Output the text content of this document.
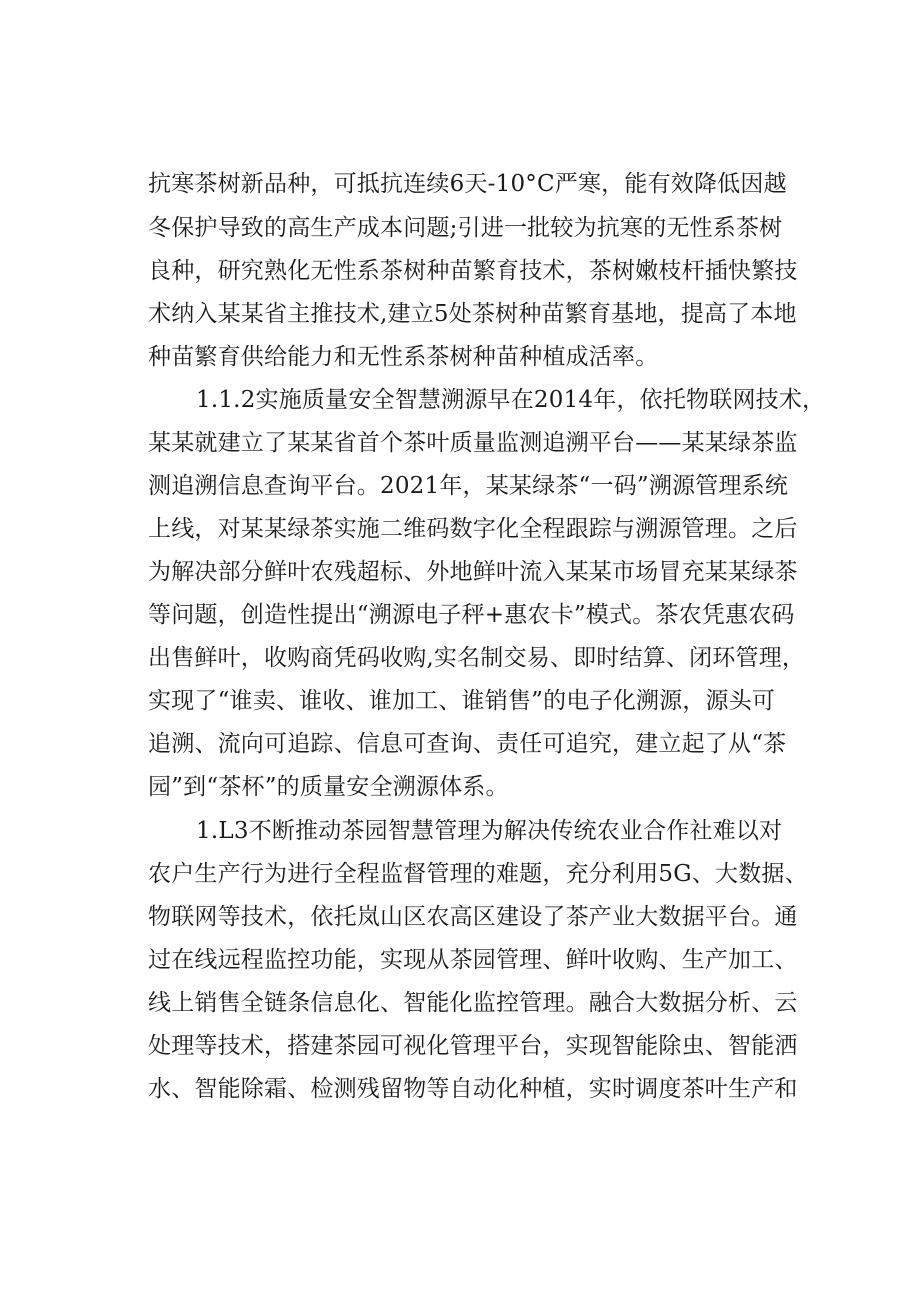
抗寒茶树新品种，可抵抗连续6天-10°C严寒，能有效降低因越
冬保护导致的高生产成本问题;引进一批较为抗寒的无性系茶树
良种，研究熟化无性系茶树种苗繁育技术，茶树嫩枝杆插快繁技
术纳入某某省主推技术,建立5处茶树种苗繁育基地，提高了本地
种苗繁育供给能力和无性系茶树种苗种植成活率。
1.1.2实施质量安全智慧溯源早在2014年，依托物联网技术，
某某就建立了某某省首个茶叶质量监测追溯平台——某某绿茶监
测追溯信息查询平台。2021年，某某绿茶“一码”溯源管理系统
上线，对某某绿茶实施二维码数字化全程跟踪与溯源管理。之后
为解决部分鲜叶农残超标、外地鲜叶流入某某市场冒充某某绿茶
等问题，创造性提出“溯源电子秤+惠农卡”模式。茶农凭惠农码
出售鲜叶，收购商凭码收购,实名制交易、即时结算、闭环管理，
实现了“谁卖、谁收、谁加工、谁销售”的电子化溯源，源头可
追溯、流向可追踪、信息可查询、责任可追究，建立起了从“茶
园”到“茶杯”的质量安全溯源体系。
1.L3不断推动茶园智慧管理为解决传统农业合作社难以对
农户生产行为进行全程监督管理的难题，充分利用5G、大数据、
物联网等技术，依托岚山区农高区建设了茶产业大数据平台。通
过在线远程监控功能，实现从茶园管理、鲜叶收购、生产加工、
线上销售全链条信息化、智能化监控管理。融合大数据分析、云
处理等技术，搭建茶园可视化管理平台，实现智能除虫、智能洒
水、智能除霜、检测残留物等自动化种植，实时调度茶叶生产和
